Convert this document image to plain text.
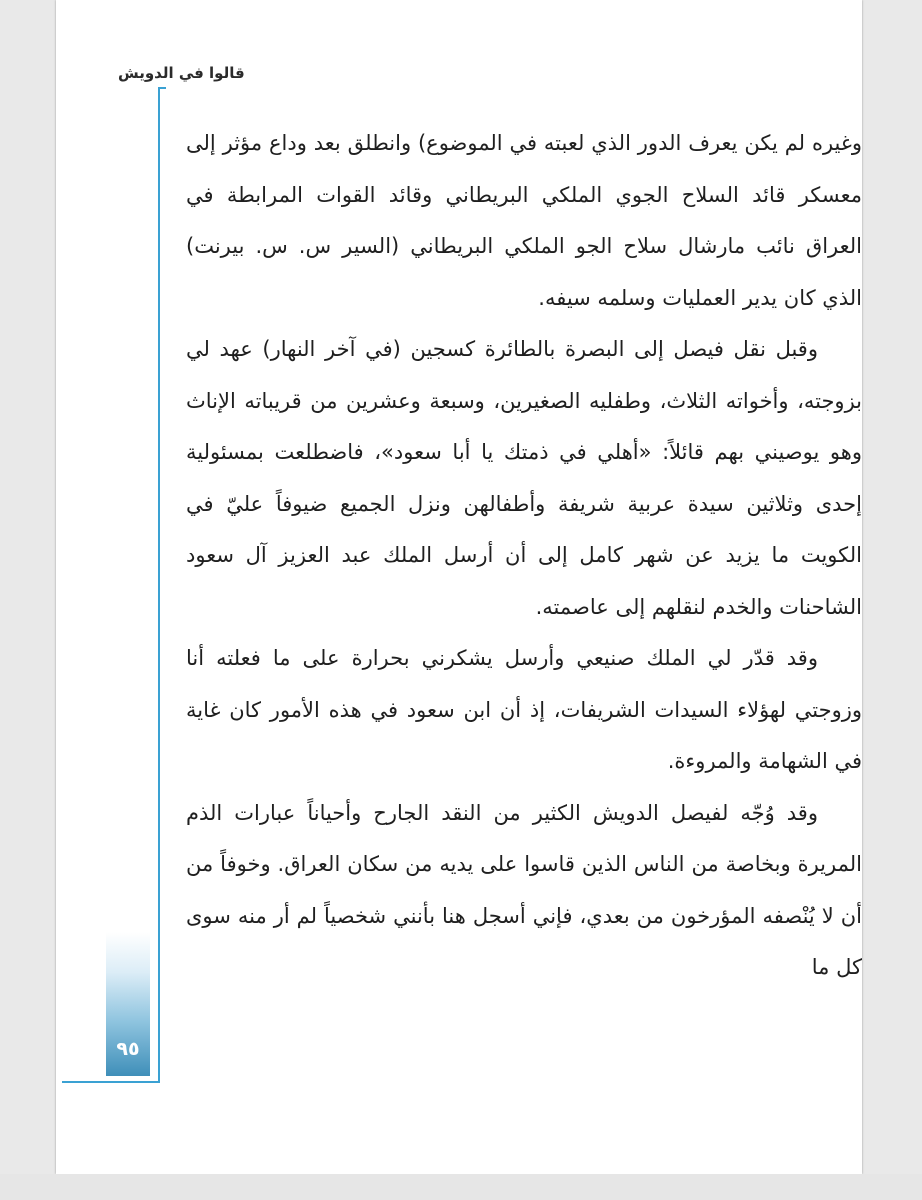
قالوا في الدويش
٩٥

وغيره لم يكن يعرف الدور الذي لعبته في الموضوع) وانطلق بعد وداع مؤثر إلى معسكر قائد السلاح الجوي الملكي البريطاني وقائد القوات المرابطة في العراق نائب مارشال سلاح الجو الملكي البريطاني (السير س. س. بيرنت) الذي كان يدير العمليات وسلمه سيفه.

وقبل نقل فيصل إلى البصرة بالطائرة كسجين (في آخر النهار) عهد لي بزوجته، وأخواته الثلاث، وطفليه الصغيرين، وسبعة وعشرين من قريباته الإناث وهو يوصيني بهم قائلاً: «أهلي في ذمتك يا أبا سعود»، فاضطلعت بمسئولية إحدى وثلاثين سيدة عربية شريفة وأطفالهن ونزل الجميع ضيوفاً عليّ في الكويت ما يزيد عن شهر كامل إلى أن أرسل الملك عبد العزيز آل سعود الشاحنات والخدم لنقلهم إلى عاصمته.

وقد قدّر لي الملك صنيعي وأرسل يشكرني بحرارة على ما فعلته أنا وزوجتي لهؤلاء السيدات الشريفات، إذ أن ابن سعود في هذه الأمور كان غاية في الشهامة والمروءة.

وقد وُجّه لفيصل الدويش الكثير من النقد الجارح وأحياناً عبارات الذم المريرة وبخاصة من الناس الذين قاسوا على يديه من سكان العراق. وخوفاً من أن لا يُنْصفه المؤرخون من بعدي، فإني أسجل هنا بأنني شخصياً لم أر منه سوى كل ما
